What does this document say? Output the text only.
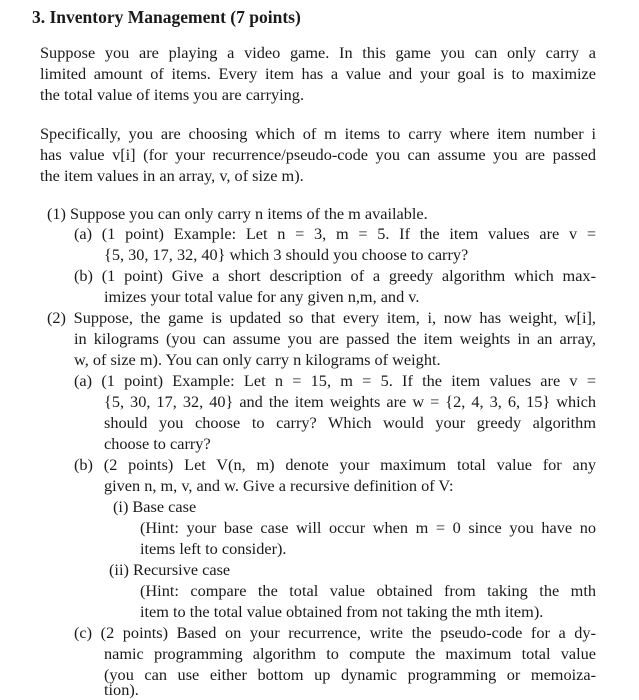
3. Inventory Management (7 points)
Suppose you are playing a video game. In this game you can only carry a
limited amount of items. Every item has a value and your goal is to maximize
the total value of items you are carrying.
Specifically, you are choosing which of m items to carry where item number i
has value v[i] (for your recurrence/pseudo-code you can assume you are passed
the item values in an array, v, of size m).
(1) Suppose you can only carry n items of the m available.
(a) (1 point) Example: Let n = 3, m = 5. If the item values are v =
{5, 30, 17, 32, 40} which 3 should you choose to carry?
(b) (1 point) Give a short description of a greedy algorithm which max-
imizes your total value for any given n,m, and v.
(2) Suppose, the game is updated so that every item, i, now has weight, w[i],
in kilograms (you can assume you are passed the item weights in an array,
w, of size m). You can only carry n kilograms of weight.
(a) (1 point) Example: Let n = 15, m = 5. If the item values are v =
{5, 30, 17, 32, 40} and the item weights are w = {2, 4, 3, 6, 15} which
should you choose to carry? Which would your greedy algorithm
choose to carry?
(b) (2 points) Let V(n, m) denote your maximum total value for any
given n, m, v, and w. Give a recursive definition of V:
(i) Base case
(Hint: your base case will occur when m = 0 since you have no
items left to consider).
(ii) Recursive case
(Hint: compare the total value obtained from taking the mth
item to the total value obtained from not taking the mth item).
(c) (2 points) Based on your recurrence, write the pseudo-code for a dy-
namic programming algorithm to compute the maximum total value
(you can use either bottom up dynamic programming or memoiza-
tion).
